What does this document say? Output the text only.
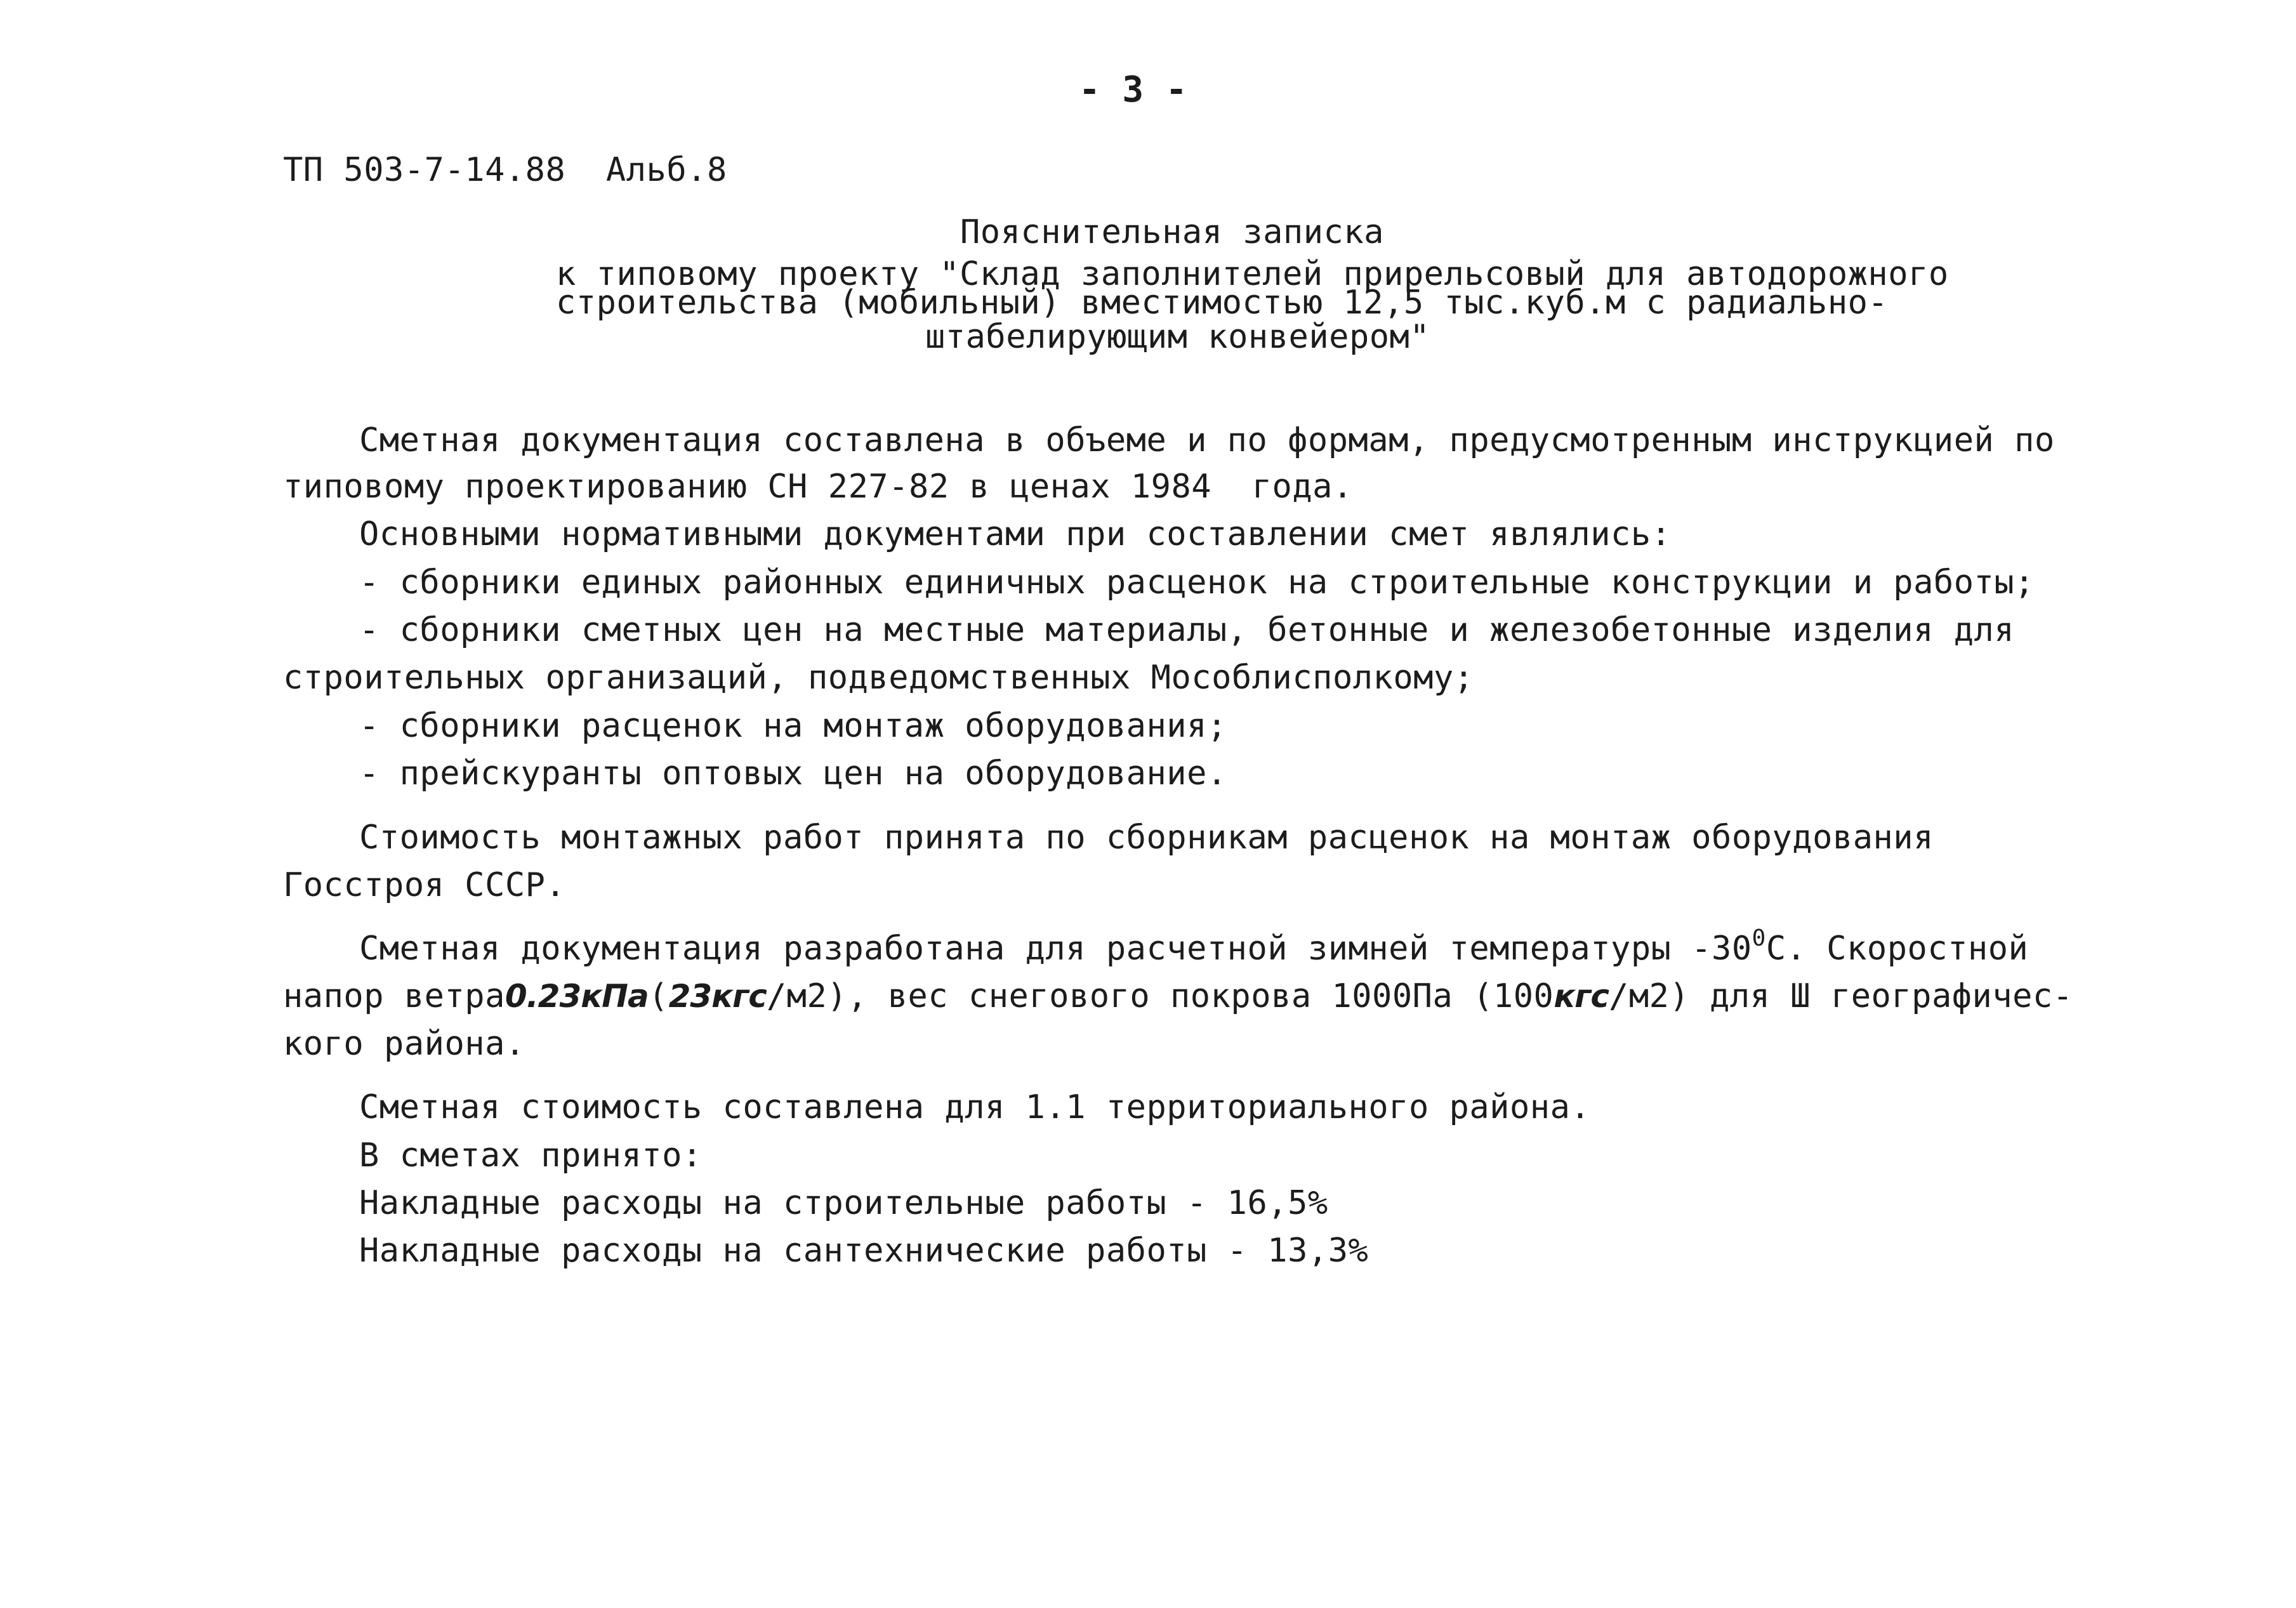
- 3 -
ТП 503-7-14.88  Альб.8
Пояснительная записка
к типовому проекту "Склад заполнителей прирельсовый для автодорожного
строительства (мобильный) вместимостью 12,5 тыс.куб.м с радиально-
штабелирующим конвейером"
Сметная документация составлена в объеме и по формам, предусмотренным инструкцией по
типовому проектированию СН 227-82 в ценах 1984  года.
Основными нормативными документами при составлении смет являлись:
- сборники единых районных единичных расценок на строительные конструкции и работы;
- сборники сметных цен на местные материалы, бетонные и железобетонные изделия для
строительных организаций, подведомственных Мособлисполкому;
- сборники расценок на монтаж оборудования;
- прейскуранты оптовых цен на оборудование.
Стоимость монтажных работ принята по сборникам расценок на монтаж оборудования
Госстроя СССР.
Сметная документация разработана для расчетной зимней температуры $-30^0С$. Скоростной
напор ветра0.23кПа(23кгс/м2), вес снегового покрова 1000Па (100кгс/м2) для Ш географичес-
кого района.
Сметная стоимость составлена для 1.1 территориального района.
В сметах принято:
Накладные расходы на строительные работы - 16,5%
Накладные расходы на сантехнические работы - 13,3%
